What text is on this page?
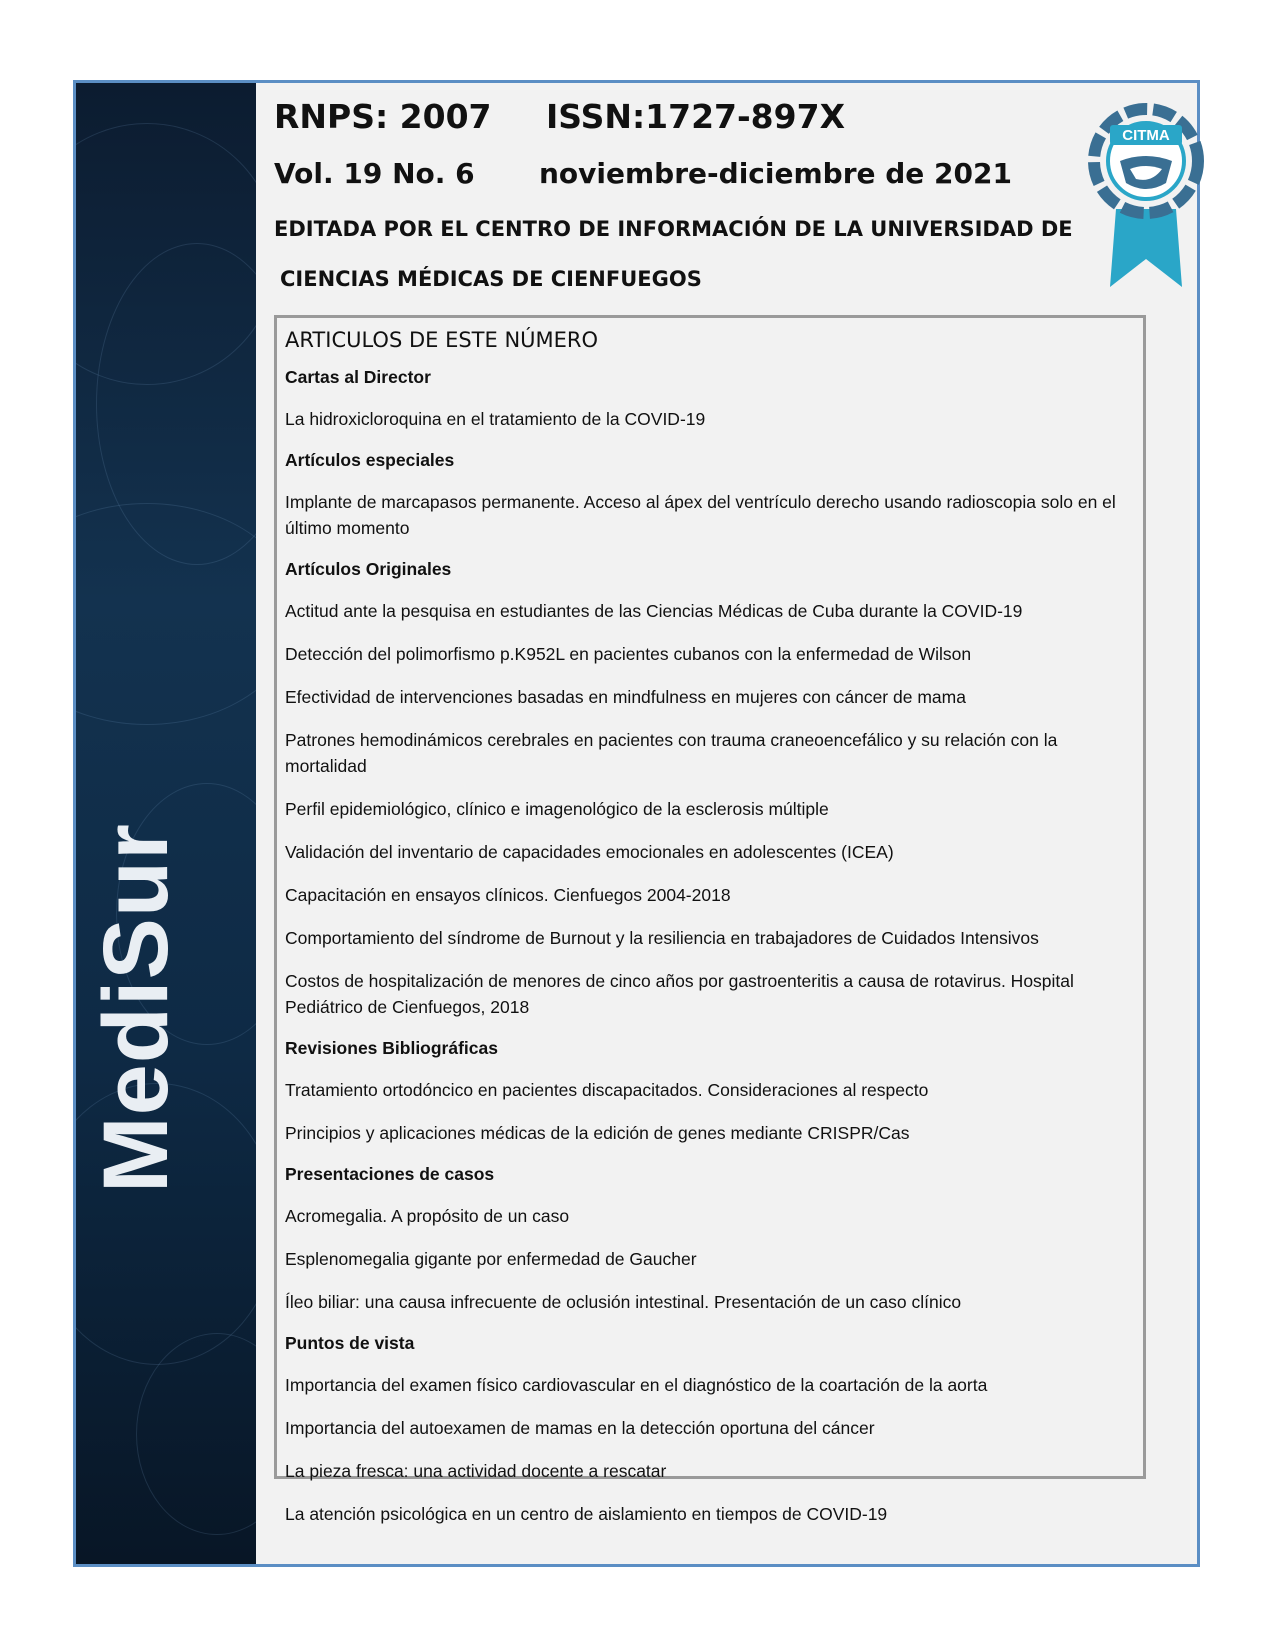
MediSur
RNPS: 2007 ISSN:1727-897X
Vol. 19 No. 6 noviembre-diciembre de 2021
EDITADA POR EL CENTRO DE INFORMACIÓN DE LA UNIVERSIDAD DE
CIENCIAS MÉDICAS DE CIENFUEGOS
CITMA
ARTICULOS DE ESTE NÚMERO
Cartas al Director
La hidroxicloroquina en el tratamiento de la COVID-19
Artículos especiales
Implante de marcapasos permanente. Acceso al ápex del ventrículo derecho usando radioscopia solo en el último momento
Artículos Originales
Actitud ante la pesquisa en estudiantes de las Ciencias Médicas de Cuba durante la COVID-19
Detección del polimorfismo p.K952L en pacientes cubanos con la enfermedad de Wilson
Efectividad de intervenciones basadas en mindfulness en mujeres con cáncer de mama
Patrones hemodinámicos cerebrales en pacientes con trauma craneoencefálico y su relación con la mortalidad
Perfil epidemiológico, clínico e imagenológico de la esclerosis múltiple
Validación del inventario de capacidades emocionales en adolescentes (ICEA)
Capacitación en ensayos clínicos. Cienfuegos 2004-2018
Comportamiento del síndrome de Burnout y la resiliencia en trabajadores de Cuidados Intensivos
Costos de hospitalización de menores de cinco años por gastroenteritis a causa de rotavirus. Hospital Pediátrico de Cienfuegos, 2018
Revisiones Bibliográficas
Tratamiento ortodóncico en pacientes discapacitados. Consideraciones al respecto
Principios y aplicaciones médicas de la edición de genes mediante CRISPR/Cas
Presentaciones de casos
Acromegalia. A propósito de un caso
Esplenomegalia gigante por enfermedad de Gaucher
Íleo biliar: una causa infrecuente de oclusión intestinal. Presentación de un caso clínico
Puntos de vista
Importancia del examen físico cardiovascular en el diagnóstico de la coartación de la aorta
Importancia del autoexamen de mamas en la detección oportuna del cáncer
La pieza fresca: una actividad docente a rescatar
La atención psicológica en un centro de aislamiento en tiempos de COVID-19
